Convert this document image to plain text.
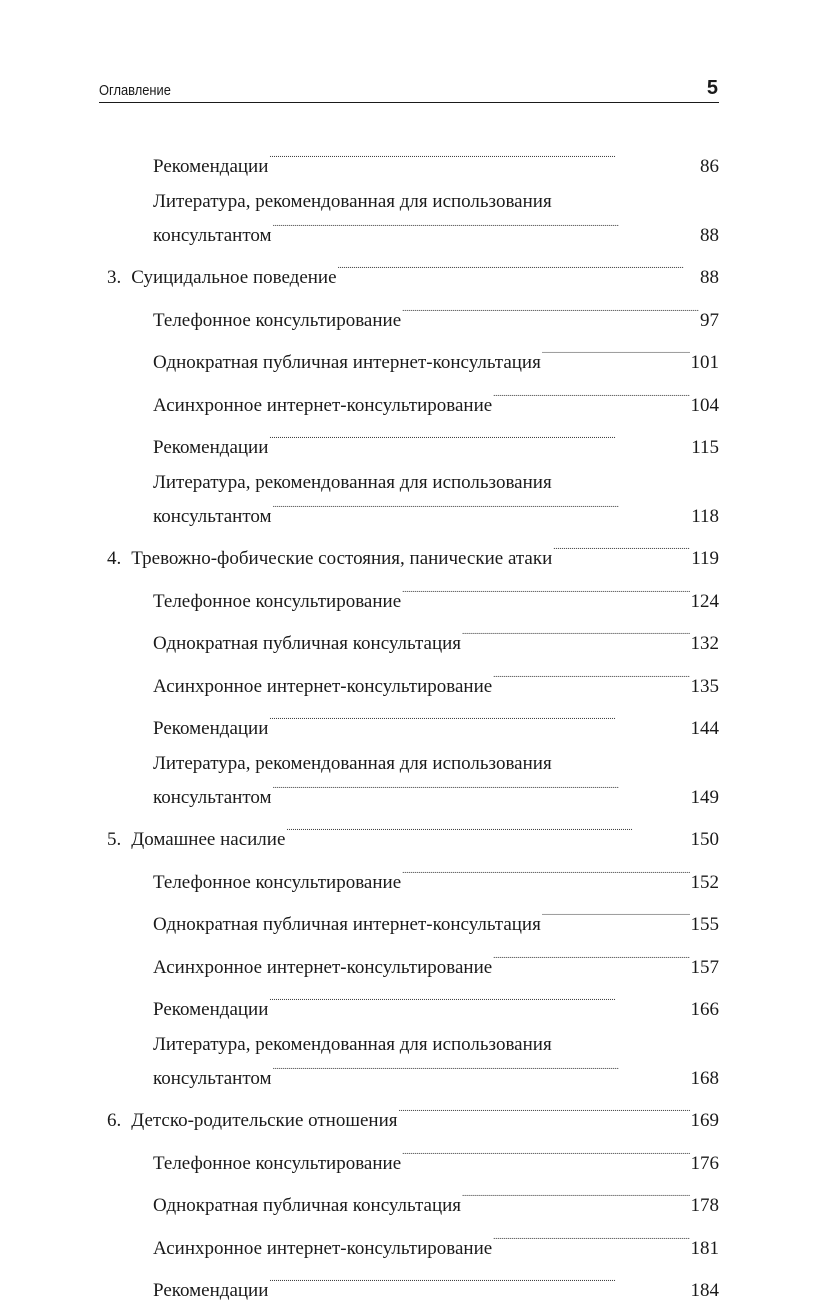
Оглавление	5
Рекомендации . . .	86
Литература, рекомендованная для использования
консультантом . . .	88
3. Суицидальное поведение . . .	88
Телефонное консультирование . . .	97
Однократная публичная интернет-консультация . . .	101
Асинхронное интернет-консультирование . . .	104
Рекомендации . . .	115
Литература, рекомендованная для использования
консультантом . . .	118
4. Тревожно-фобические состояния, панические атаки . . .	119
Телефонное консультирование . . .	124
Однократная публичная консультация . . .	132
Асинхронное интернет-консультирование . . .	135
Рекомендации . . .	144
Литература, рекомендованная для использования
консультантом . . .	149
5. Домашнее насилие . . .	150
Телефонное консультирование . . .	152
Однократная публичная интернет-консультация . . .	155
Асинхронное интернет-консультирование . . .	157
Рекомендации . . .	166
Литература, рекомендованная для использования
консультантом . . .	168
6. Детско-родительские отношения . . .	169
Телефонное консультирование . . .	176
Однократная публичная консультация . . .	178
Асинхронное интернет-консультирование . . .	181
Рекомендации . . .	184
